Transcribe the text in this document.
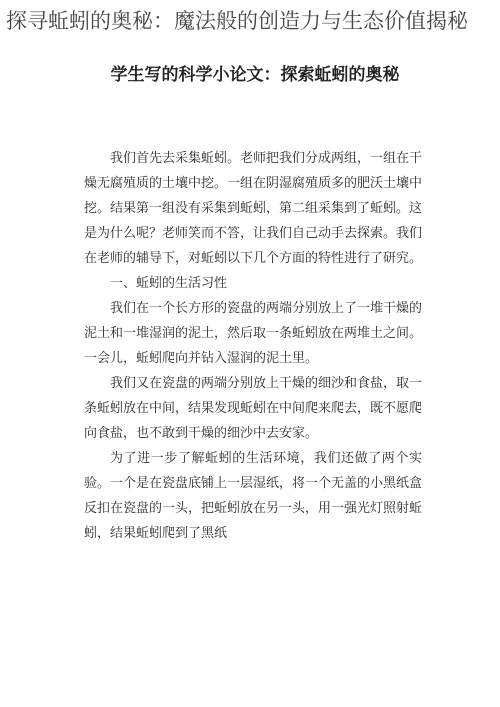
探寻蚯蚓的奥秘：魔法般的创造力与生态价值揭秘
学生写的科学小论文：探索蚯蚓的奥秘

我们首先去采集蚯蚓。老师把我们分成两组，一组在干燥无腐殖质的土壤中挖。一组在阴湿腐殖质多的肥沃土壤中挖。结果第一组没有采集到蚯蚓，第二组采集到了蚯蚓。这是为什么呢？老师笑而不答，让我们自己动手去探索。我们在老师的辅导下，对蚯蚓以下几个方面的特性进行了研究。

一、蚯蚓的生活习性

我们在一个长方形的瓷盘的两端分别放上了一堆干燥的泥土和一堆湿润的泥土，然后取一条蚯蚓放在两堆土之间。一会儿，蚯蚓爬向并钻入湿润的泥土里。

我们又在瓷盘的两端分别放上干燥的细沙和食盐，取一条蚯蚓放在中间，结果发现蚯蚓在中间爬来爬去，既不愿爬向食盐，也不敢到干燥的细沙中去安家。

为了进一步了解蚯蚓的生活环境，我们还做了两个实验。一个是在瓷盘底铺上一层湿纸，将一个无盖的小黑纸盒反扣在瓷盘的一头，把蚯蚓放在另一头，用一强光灯照射蚯蚓，结果蚯蚓爬到了黑纸
